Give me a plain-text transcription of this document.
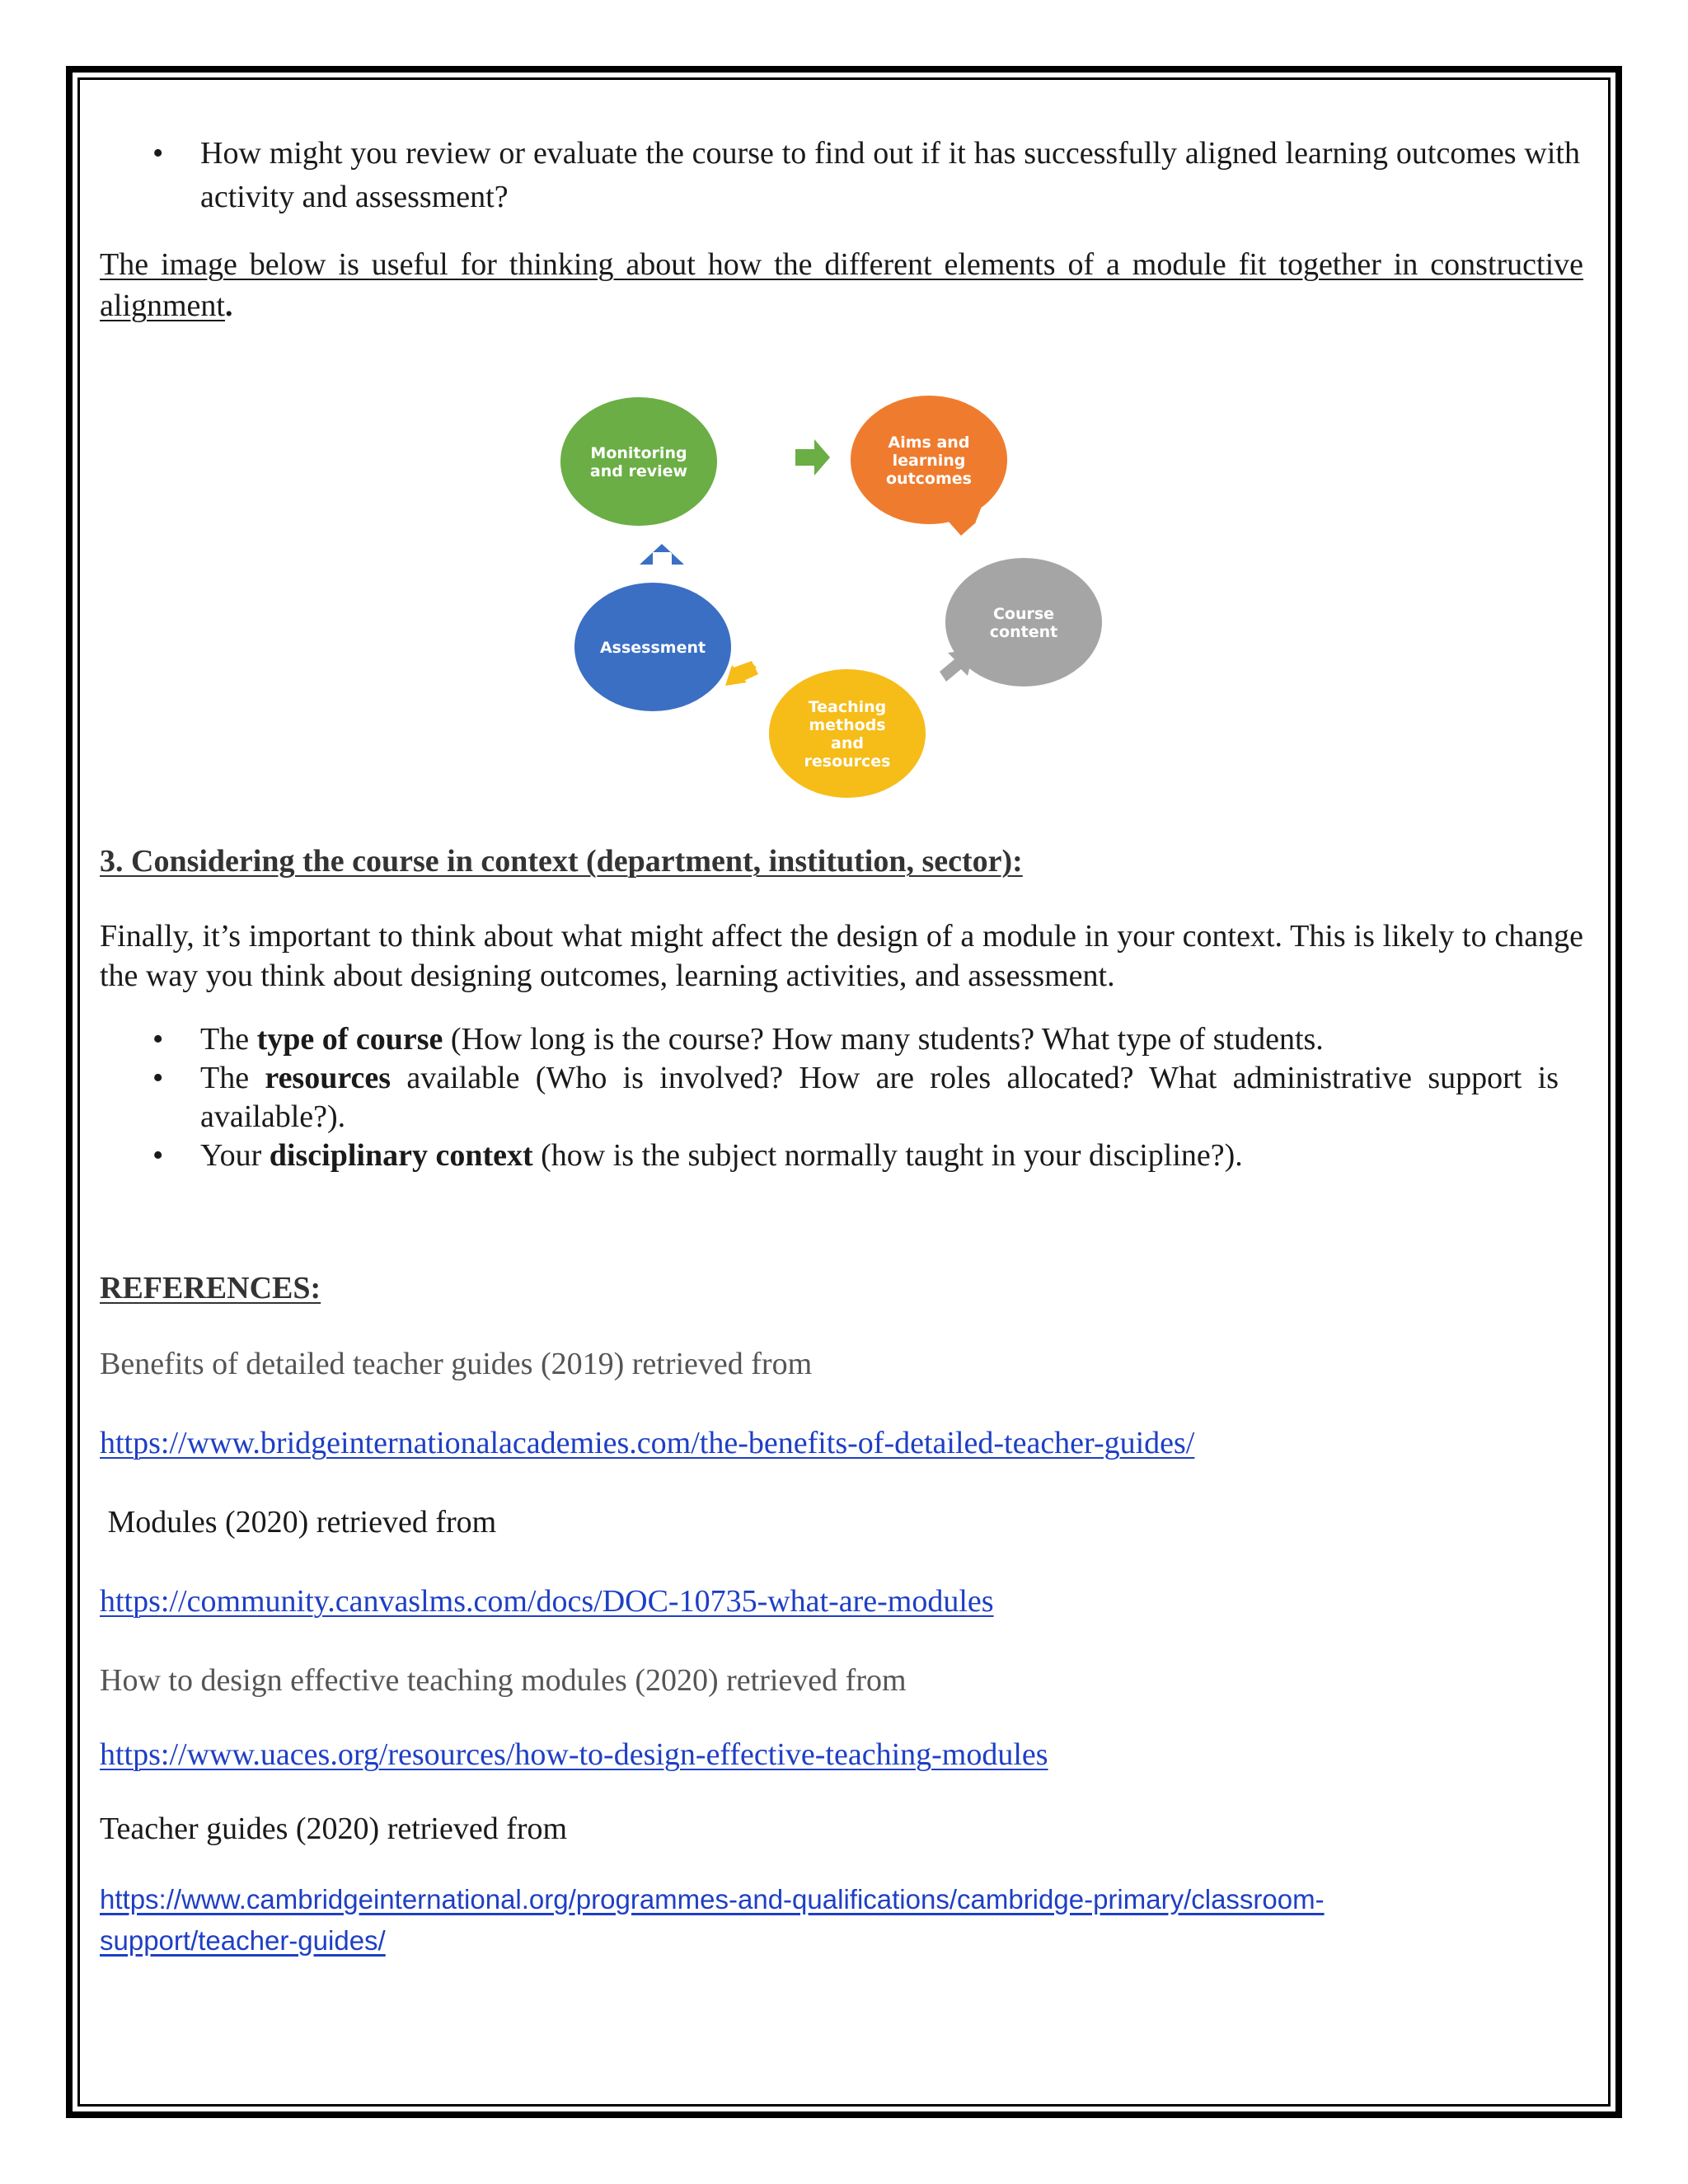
• How might you review or evaluate the course to find out if it has successfully aligned learning outcomes with activity and assessment?

The image below is useful for thinking about how the different elements of a module fit together in constructive alignment.

Monitoring and review
Aims and learning outcomes
Course content
Teaching methods and resources
Assessment

3. Considering the course in context (department, institution, sector):

Finally, it’s important to think about what might affect the design of a module in your context. This is likely to change the way you think about designing outcomes, learning activities, and assessment.

• The type of course (How long is the course? How many students? What type of students.
• The resources available (Who is involved? How are roles allocated? What administrative support is available?).
• Your disciplinary context (how is the subject normally taught in your discipline?).

REFERENCES:

Benefits of detailed teacher guides (2019) retrieved from

https://www.bridgeinternationalacademies.com/the-benefits-of-detailed-teacher-guides/

Modules (2020) retrieved from

https://community.canvaslms.com/docs/DOC-10735-what-are-modules

How to design effective teaching modules (2020) retrieved from

https://www.uaces.org/resources/how-to-design-effective-teaching-modules

Teacher guides (2020) retrieved from

https://www.cambridgeinternational.org/programmes-and-qualifications/cambridge-primary/classroom-
support/teacher-guides/
